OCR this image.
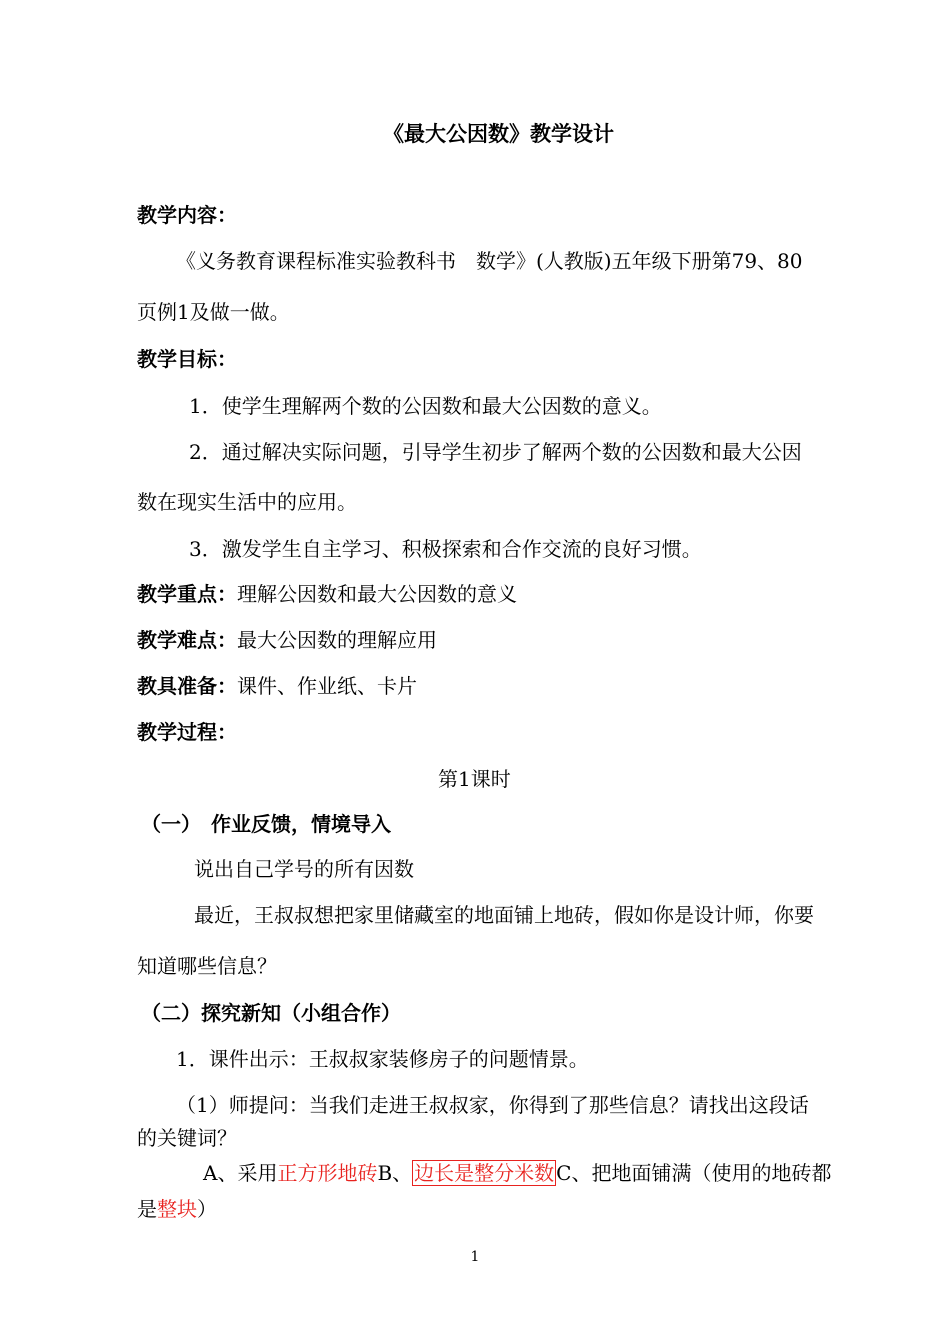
《最大公因数》教学设计
教学内容：
《义务教育课程标准实验教科书　数学》(人教版)五年级下册第79、80
页例1及做一做。
教学目标：
1．使学生理解两个数的公因数和最大公因数的意义。
2．通过解决实际问题，引导学生初步了解两个数的公因数和最大公因
数在现实生活中的应用。
3．激发学生自主学习、积极探索和合作交流的良好习惯。
教学重点：理解公因数和最大公因数的意义
教学难点：最大公因数的理解应用
教具准备：课件、作业纸、卡片
教学过程：
第1课时
（一）　作业反馈，情境导入
说出自己学号的所有因数
最近，王叔叔想把家里储藏室的地面铺上地砖，假如你是设计师，你要
知道哪些信息？
（二）探究新知（小组合作）
1．课件出示：王叔叔家装修房子的问题情景。
（1）师提问：当我们走进王叔叔家，你得到了那些信息？请找出这段话
的关键词？
A、采用正方形地砖B、 边长是整分米数 C、把地面铺满（使用的地砖都
是整块）
1
